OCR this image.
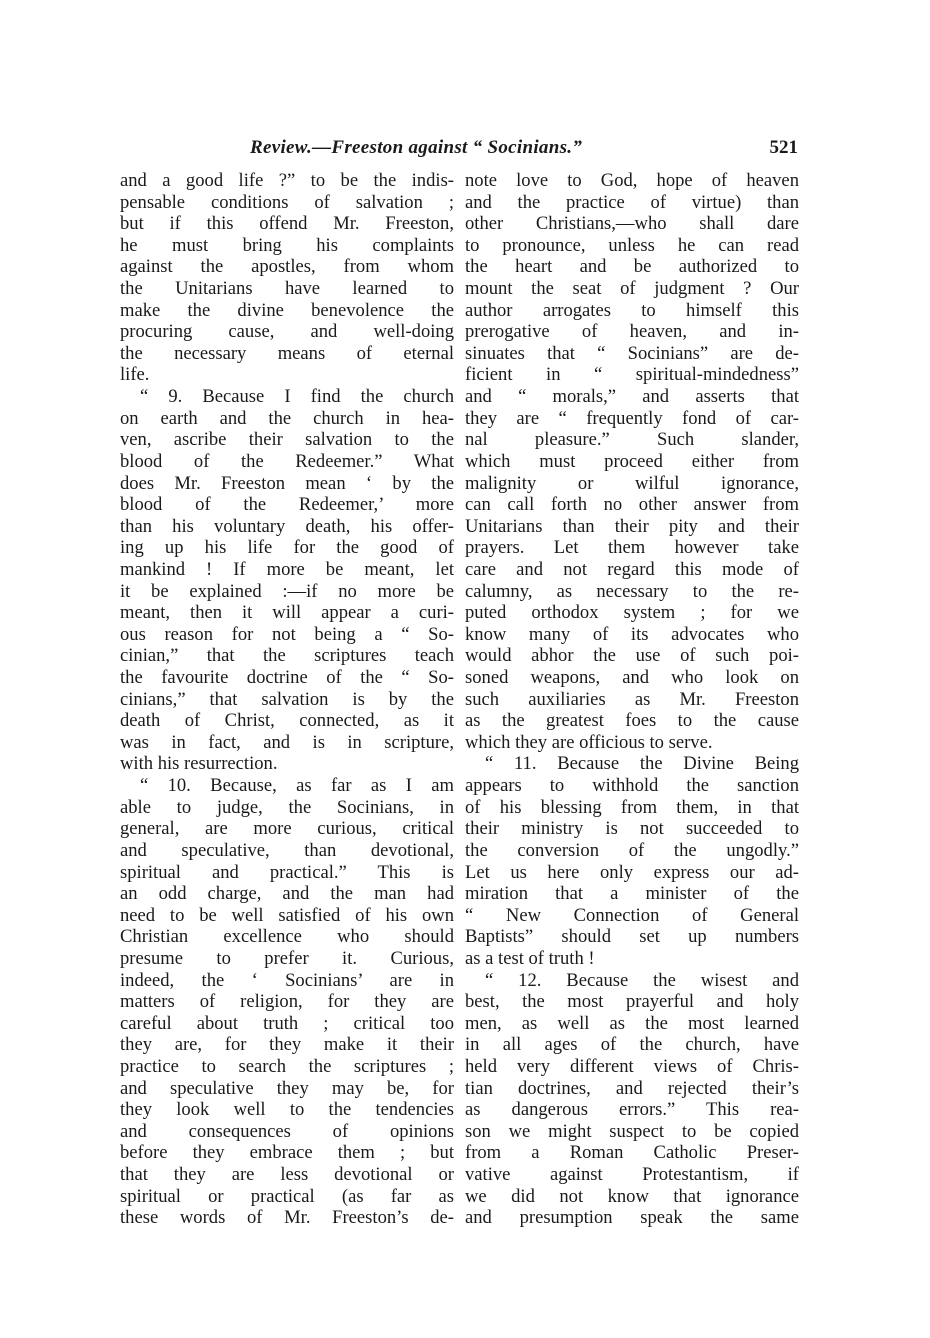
Review.—Freeston against “ Socinians.”	521
and a good life ?” to be the indis-
pensable conditions of salvation ;
but if this offend Mr. Freeston,
he must bring his complaints
against the apostles, from whom
the Unitarians have learned to
make the divine benevolence the
procuring cause, and well-doing
the necessary means of eternal
life.
“ 9. Because I find the church
on earth and the church in hea-
ven, ascribe their salvation to the
blood of the Redeemer.” What
does Mr. Freeston mean ‘ by the
blood of the Redeemer,’ more
than his voluntary death, his offer-
ing up his life for the good of
mankind ! If more be meant, let
it be explained :—if no more be
meant, then it will appear a curi-
ous reason for not being a “ So-
cinian,” that the scriptures teach
the favourite doctrine of the “ So-
cinians,” that salvation is by the
death of Christ, connected, as it
was in fact, and is in scripture,
with his resurrection.
“ 10. Because, as far as I am
able to judge, the Socinians, in
general, are more curious, critical
and speculative, than devotional,
spiritual and practical.” This is
an odd charge, and the man had
need to be well satisfied of his own
Christian excellence who should
presume to prefer it. Curious,
indeed, the ‘ Socinians’ are in
matters of religion, for they are
careful about truth ; critical too
they are, for they make it their
practice to search the scriptures ;
and speculative they may be, for
they look well to the tendencies
and consequences of opinions
before they embrace them ; but
that they are less devotional or
spiritual or practical (as far as
these words of Mr. Freeston’s de-
note love to God, hope of heaven
and the practice of virtue) than
other Christians,—who shall dare
to pronounce, unless he can read
the heart and be authorized to
mount the seat of judgment ? Our
author arrogates to himself this
prerogative of heaven, and in-
sinuates that “ Socinians” are de-
ficient in “ spiritual-mindedness”
and “ morals,” and asserts that
they are “ frequently fond of car-
nal pleasure.” Such slander,
which must proceed either from
malignity or wilful ignorance,
can call forth no other answer from
Unitarians than their pity and their
prayers. Let them however take
care and not regard this mode of
calumny, as necessary to the re-
puted orthodox system ; for we
know many of its advocates who
would abhor the use of such poi-
soned weapons, and who look on
such auxiliaries as Mr. Freeston
as the greatest foes to the cause
which they are officious to serve.
“ 11. Because the Divine Being
appears to withhold the sanction
of his blessing from them, in that
their ministry is not succeeded to
the conversion of the ungodly.”
Let us here only express our ad-
miration that a minister of the
“ New Connection of General
Baptists” should set up numbers
as a test of truth !
“ 12. Because the wisest and
best, the most prayerful and holy
men, as well as the most learned
in all ages of the church, have
held very different views of Chris-
tian doctrines, and rejected their’s
as dangerous errors.” This rea-
son we might suspect to be copied
from a Roman Catholic Preser-
vative against Protestantism, if
we did not know that ignorance
and presumption speak the same
